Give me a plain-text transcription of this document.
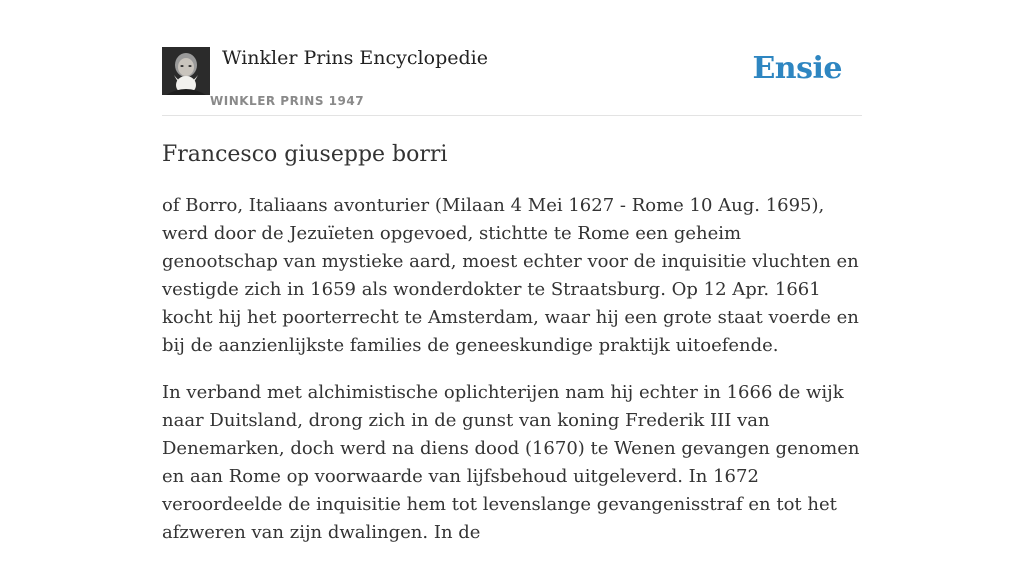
Winkler Prins Encyclopedie
WINKLER PRINS 1947
Ensie
Francesco giuseppe borri

of Borro, Italiaans avonturier (Milaan 4 Mei 1627 - Rome 10 Aug. 1695), werd door de Jezuïeten opgevoed, stichtte te Rome een geheim genootschap van mystieke aard, moest echter voor de inquisitie vluchten en vestigde zich in 1659 als wonderdokter te Straatsburg. Op 12 Apr. 1661 kocht hij het poorterrecht te Amsterdam, waar hij een grote staat voerde en bij de aanzienlijkste families de geneeskundige praktijk uitoefende.

In verband met alchimistische oplichterijen nam hij echter in 1666 de wijk naar Duitsland, drong zich in de gunst van koning Frederik III van Denemarken, doch werd na diens dood (1670) te Wenen gevangen genomen en aan Rome op voorwaarde van lijfsbehoud uitgeleverd. In 1672 veroordeelde de inquisitie hem tot levenslange gevangenisstraf en tot het afzweren van zijn dwalingen. In de
